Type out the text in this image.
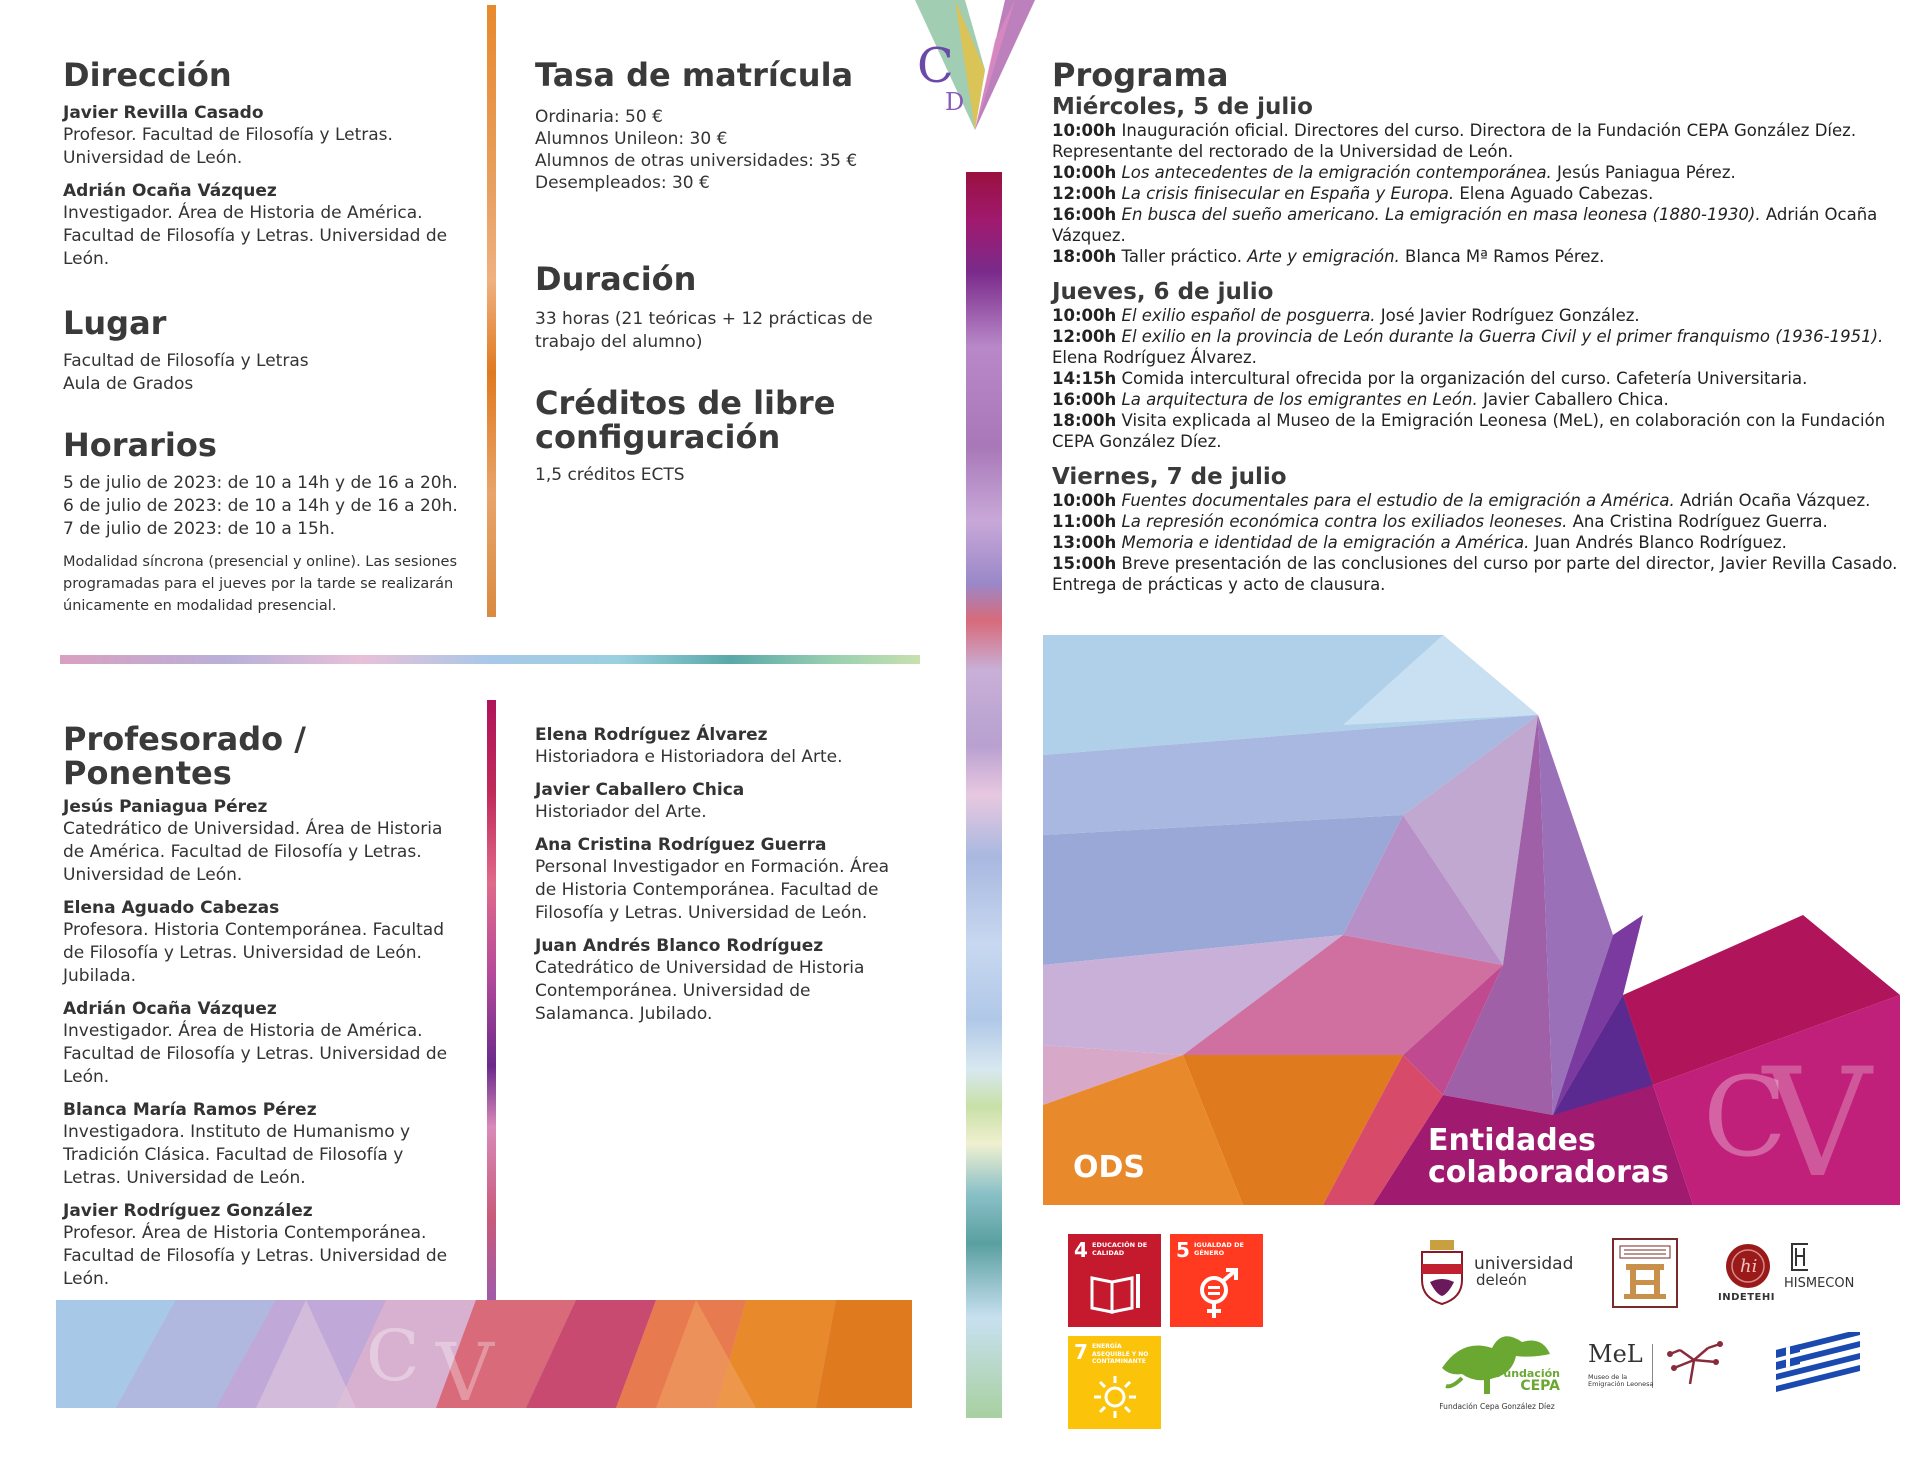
C
D
Dirección

Javier Revilla Casado

Profesor. Facultad de Filosofía y Letras. Universidad de León.

Adrián Ocaña Vázquez

Investigador. Área de Historia de América. Facultad de Filosofía y Letras. Universidad de León.

Lugar

Facultad de Filosofía y Letras

Aula de Grados

Horarios

5 de julio de 2023: de 10 a 14h y de 16 a 20h.

6 de julio de 2023: de 10 a 14h y de 16 a 20h.

7 de julio de 2023: de 10 a 15h.

Modalidad síncrona (presencial y online). Las sesiones programadas para el jueves por la tarde se realizarán únicamente en modalidad presencial.

Tasa de matrícula

Ordinaria: 50 €

Alumnos Unileon: 30 €

Alumnos de otras universidades: 35 €

Desempleados: 30 €

Duración

33 horas (21 teóricas + 12 prácticas de trabajo del alumno)

Créditos de libre configuración

1,5 créditos ECTS

Profesorado / Ponentes

Jesús Paniagua Pérez

Catedrático de Universidad. Área de Historia de América. Facultad de Filosofía y Letras. Universidad de León.

Elena Aguado Cabezas

Profesora. Historia Contemporánea. Facultad de Filosofía y Letras. Universidad de León. Jubilada.

Adrián Ocaña Vázquez

Investigador. Área de Historia de América. Facultad de Filosofía y Letras. Universidad de León.

Blanca María Ramos Pérez

Investigadora. Instituto de Humanismo y Tradición Clásica. Facultad de Filosofía y Letras. Universidad de León.

Javier Rodríguez González

Profesor. Área de Historia Contemporánea. Facultad de Filosofía y Letras. Universidad de León.

Elena Rodríguez Álvarez

Historiadora e Historiadora del Arte.

Javier Caballero Chica

Historiador del Arte.

Ana Cristina Rodríguez Guerra

Personal Investigador en Formación. Área de Historia Contemporánea. Facultad de Filosofía y Letras. Universidad de León.

Juan Andrés Blanco Rodríguez

Catedrático de Universidad de Historia Contemporánea. Universidad de Salamanca. Jubilado.

C V
Programa
Miércoles, 5 de julio

10:00h Inauguración oficial. Directores del curso. Directora de la Fundación CEPA González Díez. Representante del rectorado de la Universidad de León.

10:00h Los antecedentes de la emigración contemporánea. Jesús Paniagua Pérez.

12:00h La crisis finisecular en España y Europa. Elena Aguado Cabezas.

16:00h En busca del sueño americano. La emigración en masa leonesa (1880-1930). Adrián Ocaña Vázquez.

18:00h Taller práctico. Arte y emigración. Blanca Mª Ramos Pérez.

Jueves, 6 de julio

10:00h El exilio español de posguerra. José Javier Rodríguez González.

12:00h El exilio en la provincia de León durante la Guerra Civil y el primer franquismo (1936-1951). Elena Rodríguez Álvarez.

14:15h Comida intercultural ofrecida por la organización del curso. Cafetería Universitaria.

16:00h La arquitectura de los emigrantes en León. Javier Caballero Chica.

18:00h Visita explicada al Museo de la Emigración Leonesa (MeL), en colaboración con la Fundación CEPA González Díez.

Viernes, 7 de julio

10:00h Fuentes documentales para el estudio de la emigración a América. Adrián Ocaña Vázquez.

11:00h La represión económica contra los exiliados leoneses. Ana Cristina Rodríguez Guerra.

13:00h Memoria e identidad de la emigración a América. Juan Andrés Blanco Rodríguez.

15:00h Breve presentación de las conclusiones del curso por parte del director, Javier Revilla Casado. Entrega de prácticas y acto de clausura.

C
V
ODS
Entidades colaboradoras
4 EDUCACIÓN DE CALIDAD	5 IGUALDAD DE GÉNERO
7 ENERGÍA ASEQUIBLE Y NO CONTAMINANTE
universidad
deleón
hi
INDETEHI
HISMECON
Fundación
CEPA
Fundación Cepa González Díez
MeL
Museo de la
Emigración Leonesa
